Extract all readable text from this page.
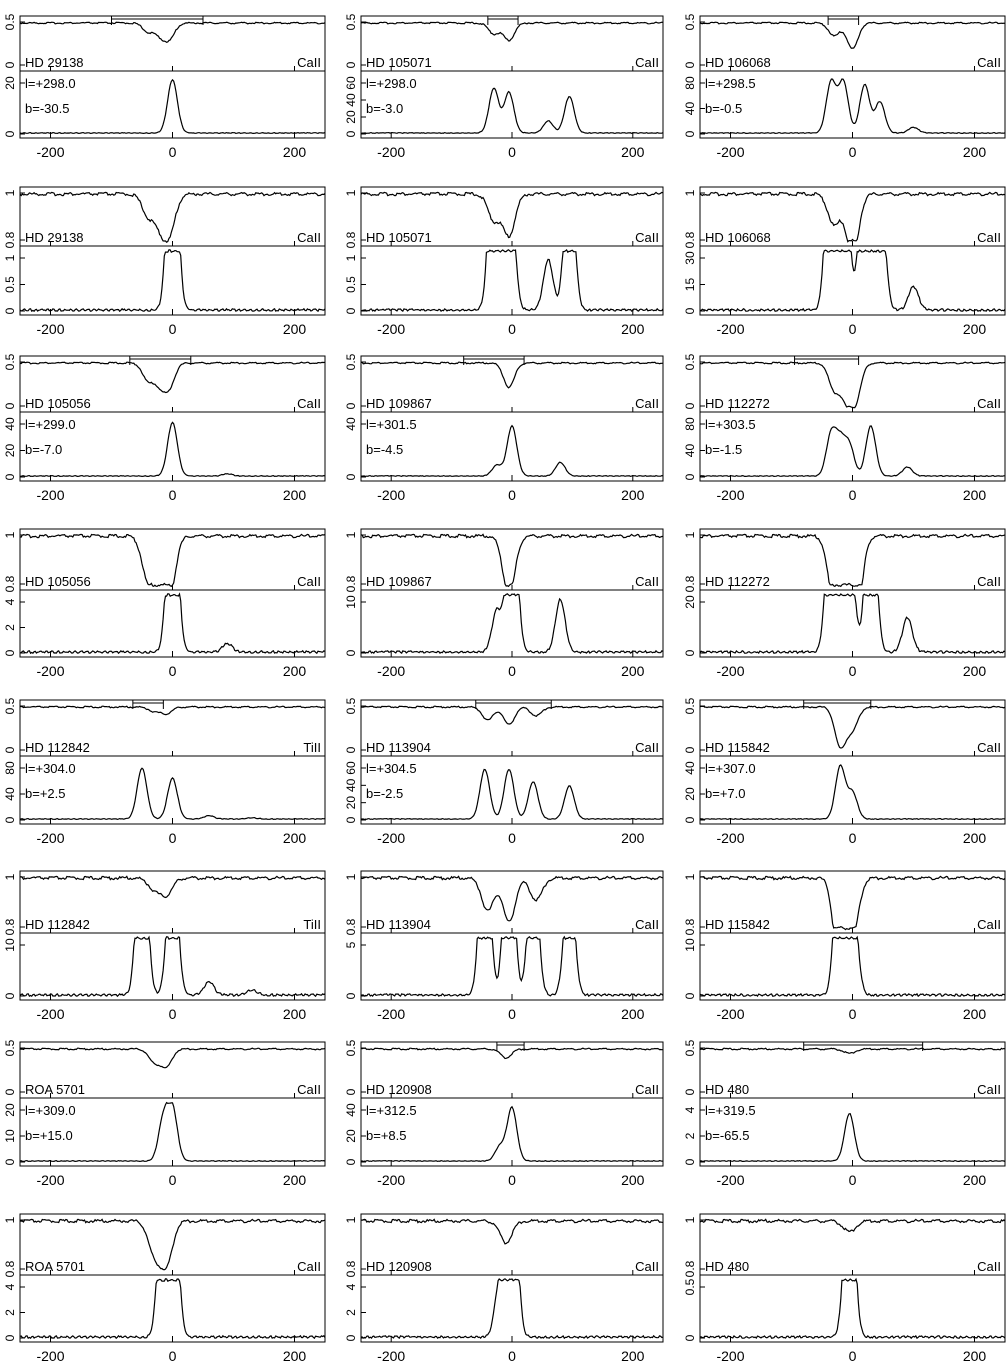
0
0.5
0
20
-200	0	200
HD 29138	CaII
l=+298.0
b=-30.5
0
0.5
0
20
40
60
-200	0	200
HD 105071	CaII
l=+298.0
b=-3.0
0
0.5
0
40
80
-200	0	200
HD 106068	CaII
l=+298.5
b=-0.5
0.8
1
0
0.5
1
-200	0	200
HD 29138	CaII 0.8
1
0
0.5
1
-200	0	200
HD 105071	CaII 0.8
1
0
15
30
-200	0	200
HD 106068	CaII
0
0.5
0
20
40
-200	0	200
HD 105056	CaII
l=+299.0
b=-7.0
0
0.5
0
40
-200	0	200
HD 109867	CaII
l=+301.5
b=-4.5
0
0.5
0
40
80
-200	0	200
HD 112272	CaII
l=+303.5
b=-1.5
0.8
1
0
2
4
-200	0	200
HD 105056	CaII 0.8
1
0
10
-200	0	200
HD 109867	CaII 0.8
1
0
20
-200	0	200
HD 112272	CaII
0
0.5
0
40
80
-200	0	200
HD 112842	TiII
l=+304.0
b=+2.5
0
0.5
0
20
40
60
-200	0	200
HD 113904	CaII
l=+304.5
b=-2.5
0
0.5
0
20
40
-200	0	200
HD 115842	CaII
l=+307.0
b=+7.0
0.8
1
0
10
-200	0	200
HD 112842	TiII 0.8
1
0
5
-200	0	200
HD 113904	CaII 0.8
1
0
10
-200	0	200
HD 115842	CaII
0
0.5
0
10
20
-200	0	200
ROA 5701	CaII
l=+309.0
b=+15.0
0
0.5
0
20
40
-200	0	200
HD 120908	CaII
l=+312.5
b=+8.5
0
0.5
0
2
4
-200	0	200
HD 480	CaII
l=+319.5
b=-65.5
0.8
1
0
2
4
-200	0	200
ROA 5701	CaII 0.8
1
0
2
4
-200	0	200
HD 120908	CaII 0.8
1
0
0.5
-200	0	200
HD 480	CaII
